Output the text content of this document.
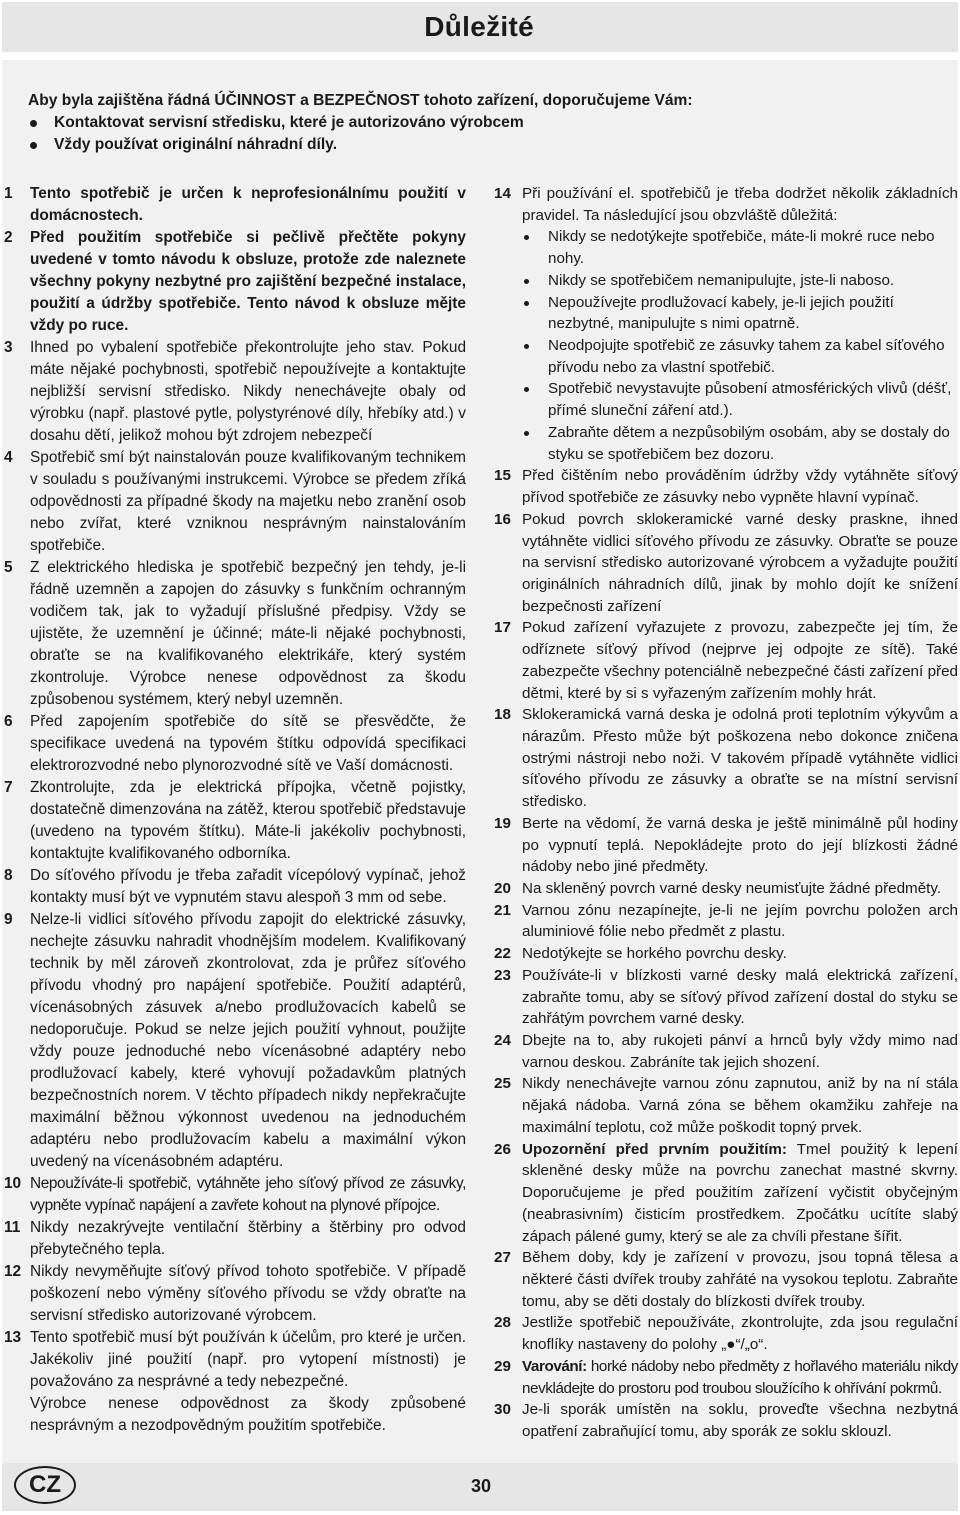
Důležité
Aby byla zajištěna řádná ÚČINNOST a BEZPEČNOST tohoto zařízení, doporučujeme Vám:
Kontaktovat servisní středisku, které je autorizováno výrobcem
Vždy používat originální náhradní díly.
1	Tento spotřebič je určen k neprofesionálnímu použití v domácnostech.
2	Před použitím spotřebiče si pečlivě přečtěte pokyny uvedené v tomto návodu k obsluze, protože zde naleznete všechny pokyny nezbytné pro zajištění bezpečné instalace, použití a údržby spotřebiče. Tento návod k obsluze mějte vždy po ruce.
3	Ihned po vybalení spotřebiče překontrolujte jeho stav. Pokud máte nějaké pochybnosti, spotřebič nepoužívejte a kontaktujte nejbližší servisní středisko. Nikdy nenechávejte obaly od výrobku (např. plastové pytle, polystyrénové díly, hřebíky atd.) v dosahu dětí, jelikož mohou být zdrojem nebezpečí
4	Spotřebič smí být nainstalován pouze kvalifikovaným technikem v souladu s používanými instrukcemi. Výrobce se předem zříká odpovědnosti za případné škody na majetku nebo zranění osob nebo zvířat, které vzniknou nesprávným nainstalováním spotřebiče.
5	Z elektrického hlediska je spotřebič bezpečný jen tehdy, je-li řádně uzemněn a zapojen do zásuvky s funkčním ochranným vodičem tak, jak to vyžadují příslušné předpisy. Vždy se ujistěte, že uzemnění je účinné; máte-li nějaké pochybnosti, obraťte se na kvalifikovaného elektrikáře, který systém zkontroluje. Výrobce nenese odpovědnost za škodu způsobenou systémem, který nebyl uzemněn.
6	Před zapojením spotřebiče do sítě se přesvědčte, že specifikace uvedená na typovém štítku odpovídá specifikaci elektrorozvodné nebo plynorozvodné sítě ve Vaší domácnosti.
7	Zkontrolujte, zda je elektrická přípojka, včetně pojistky, dostatečně dimenzována na zátěž, kterou spotřebič představuje (uvedeno na typovém štítku). Máte-li jakékoliv pochybnosti, kontaktujte kvalifikovaného odborníka.
8	Do síťového přívodu je třeba zařadit vícepólový vypínač, jehož kontakty musí být ve vypnutém stavu alespoň 3 mm od sebe.
9	Nelze-li vidlici síťového přívodu zapojit do elektrické zásuvky, nechejte zásuvku nahradit vhodnějším modelem. Kvalifikovaný technik by měl zároveň zkontrolovat, zda je průřez síťového přívodu vhodný pro napájení spotřebiče. Použití adaptérů, vícenásobných zásuvek a/nebo prodlužovacích kabelů se nedoporučuje. Pokud se nelze jejich použití vyhnout, použijte vždy pouze jednoduché nebo vícenásobné adaptéry nebo prodlužovací kabely, které vyhovují požadavkům platných bezpečnostních norem. V těchto případech nikdy nepřekračujte maximální běžnou výkonnost uvedenou na jednoduchém adaptéru nebo prodlužovacím kabelu a maximální výkon uvedený na vícenásobném adaptéru.
10 Nepoužíváte-li spotřebič, vytáhněte jeho síťový přívod ze zásuvky, vypněte vypínač napájení a zavřete kohout na plynové přípojce.
11 Nikdy nezakrývejte ventilační štěrbiny a štěrbiny pro odvod přebytečného tepla.
12 Nikdy nevyměňujte síťový přívod tohoto spotřebiče. V případě poškození nebo výměny síťového přívodu se vždy obraťte na servisní středisko autorizované výrobcem.
13 Tento spotřebič musí být používán k účelům, pro které je určen. Jakékoliv jiné použití (např. pro vytopení místnosti) je považováno za nesprávné a tedy nebezpečné.
Výrobce nenese odpovědnost za škody způsobené nesprávným a nezodpovědným použitím spotřebiče.
14 Při používání el. spotřebičů je třeba dodržet několik základních pravidel. Ta následující jsou obzvláště důležitá:
Nikdy se nedotýkejte spotřebiče, máte-li mokré ruce nebo nohy.
Nikdy se spotřebičem nemanipulujte, jste-li naboso.
Nepoužívejte prodlužovací kabely, je-li jejich použití nezbytné, manipulujte s nimi opatrně.
Neodpojujte spotřebič ze zásuvky tahem za kabel síťového přívodu nebo za vlastní spotřebič.
Spotřebič nevystavujte působení atmosférických vlivů (déšť, přímé sluneční záření atd.).
Zabraňte dětem a nezpůsobilým osobám, aby se dostaly do styku se spotřebičem bez dozoru.
15 Před čištěním nebo prováděním údržby vždy vytáhněte síťový přívod spotřebiče ze zásuvky nebo vypněte hlavní vypínač.
16 Pokud povrch sklokeramické varné desky praskne, ihned vytáhněte vidlici síťového přívodu ze zásuvky. Obraťte se pouze na servisní středisko autorizované výrobcem a vyžadujte použití originálních náhradních dílů, jinak by mohlo dojít ke snížení bezpečnosti zařízení
17 Pokud zařízení vyřazujete z provozu, zabezpečte jej tím, že odříznete síťový přívod (nejprve jej odpojte ze sítě). Také zabezpečte všechny potenciálně nebezpečné části zařízení před dětmi, které by si s vyřazeným zařízením mohly hrát.
18 Sklokeramická varná deska je odolná proti teplotním výkyvům a nárazům. Přesto může být poškozena nebo dokonce zničena ostrými nástroji nebo noži. V takovém případě vytáhněte vidlici síťového přívodu ze zásuvky a obraťte se na místní servisní středisko.
19 Berte na vědomí, že varná deska je ještě minimálně půl hodiny po vypnutí teplá. Nepokládejte proto do její blízkosti žádné nádoby nebo jiné předměty.
20 Na skleněný povrch varné desky neumisťujte žádné předměty.
21 Varnou zónu nezapínejte, je-li ne jejím povrchu položen arch aluminiové fólie nebo předmět z plastu.
22 Nedotýkejte se horkého povrchu desky.
23 Používáte-li v blízkosti varné desky malá elektrická zařízení, zabraňte tomu, aby se síťový přívod zařízení dostal do styku se zahřátým povrchem varné desky.
24 Dbejte na to, aby rukojeti pánví a hrnců byly vždy mimo nad varnou deskou. Zabráníte tak jejich shození.
25 Nikdy nenechávejte varnou zónu zapnutou, aniž by na ní stála nějaká nádoba. Varná zóna se během okamžiku zahřeje na maximální teplotu, což může poškodit topný prvek.
26 Upozornění před prvním použitím: Tmel použitý k lepení skleněné desky může na povrchu zanechat mastné skvrny. Doporučujeme je před použitím zařízení vyčistit obyčejným (neabrasivním) čisticím prostředkem. Zpočátku ucítíte slabý zápach pálené gumy, který se ale za chvíli přestane šířit.
27 Během doby, kdy je zařízení v provozu, jsou topná tělesa a některé části dvířek trouby zahřáté na vysokou teplotu. Zabraňte tomu, aby se děti dostaly do blízkosti dvířek trouby.
28 Jestliže spotřebič nepoužíváte, zkontrolujte, zda jsou regulační knoflíky nastaveny do polohy „●“/„o“.
29 Varování: horké nádoby nebo předměty z hořlavého materiálu nikdy nevkládejte do prostoru pod troubou sloužícího k ohřívání pokrmů.
30 Je-li sporák umístěn na soklu, proveďte všechna nezbytná opatření zabraňující tomu, aby sporák ze soklu sklouzl.
CZ	30
